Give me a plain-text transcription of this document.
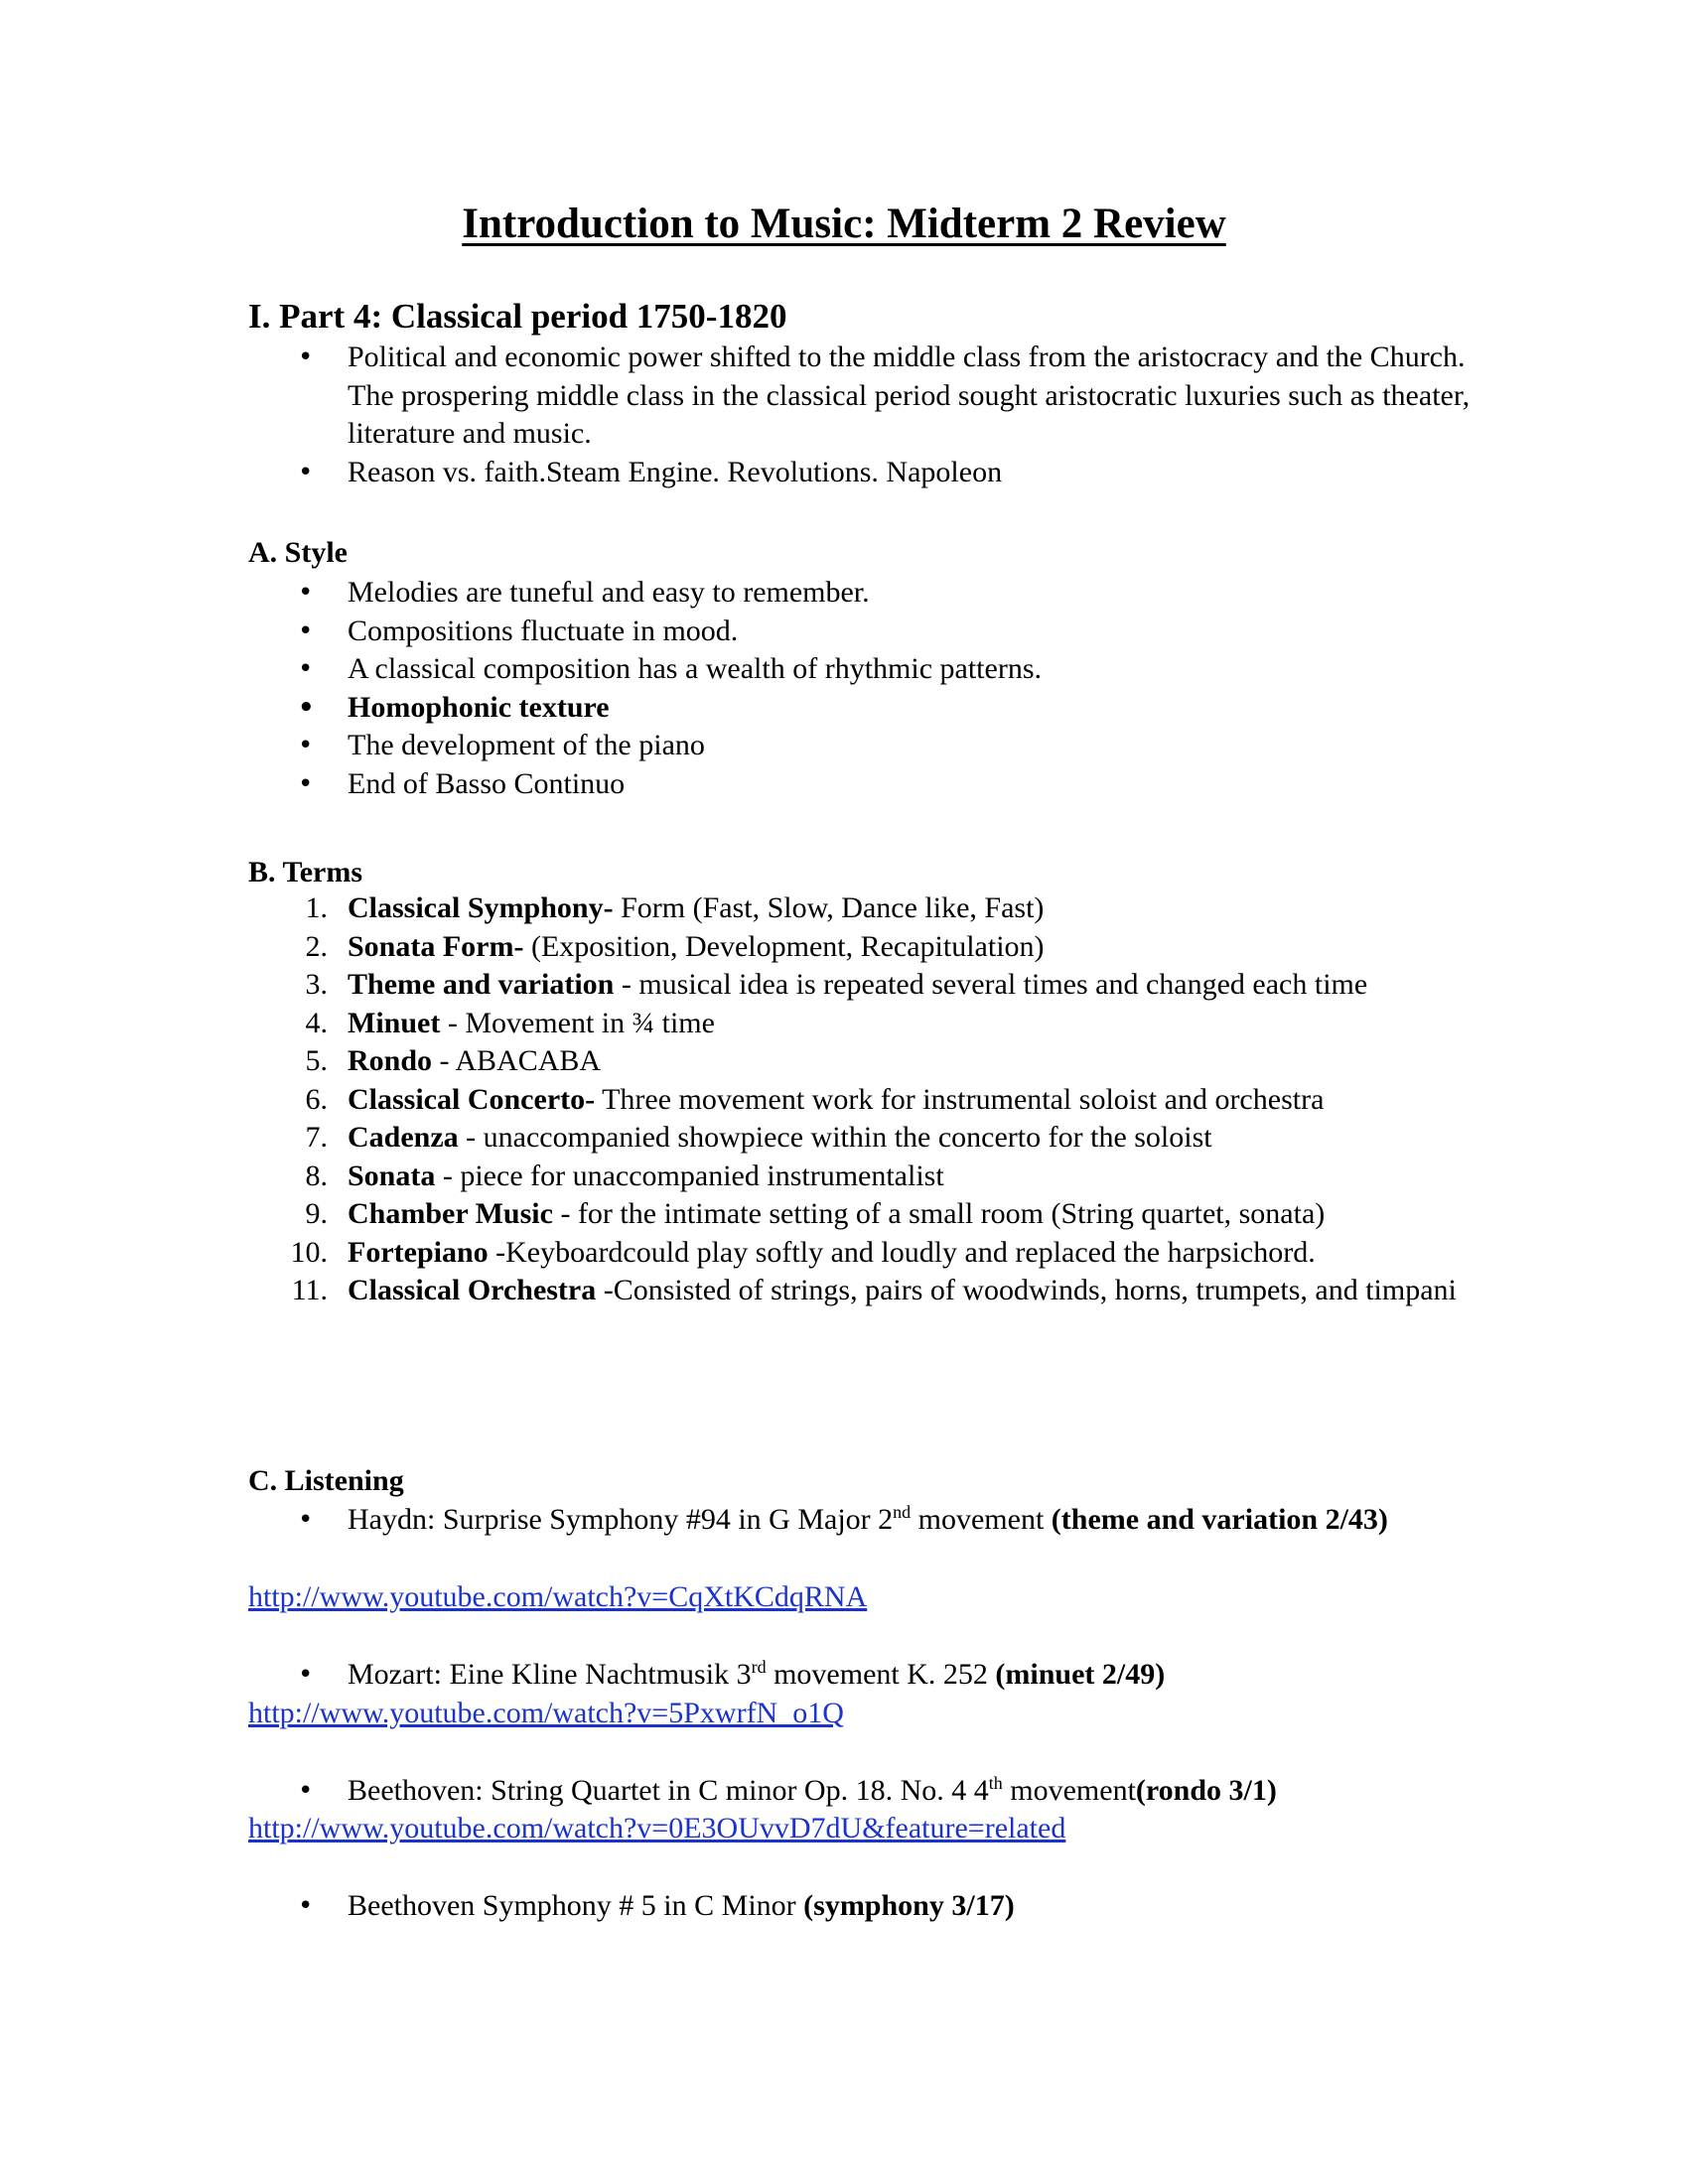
Introduction to Music: Midterm 2 Review
I. Part 4: Classical period 1750-1820
• Political and economic power shifted to the middle class from the aristocracy and the Church. The prospering middle class in the classical period sought aristocratic luxuries such as theater, literature and music.
• Reason vs. faith.Steam Engine. Revolutions. Napoleon
A. Style
• Melodies are tuneful and easy to remember.
• Compositions fluctuate in mood.
• A classical composition has a wealth of rhythmic patterns.
• Homophonic texture
• The development of the piano
• End of Basso Continuo
B. Terms
1. Classical Symphony- Form (Fast, Slow, Dance like, Fast)
2. Sonata Form- (Exposition, Development, Recapitulation)
3. Theme and variation - musical idea is repeated several times and changed each time
4. Minuet - Movement in ¾ time
5. Rondo - ABACABA
6. Classical Concerto- Three movement work for instrumental soloist and orchestra
7. Cadenza - unaccompanied showpiece within the concerto for the soloist
8. Sonata - piece for unaccompanied instrumentalist
9. Chamber Music - for the intimate setting of a small room (String quartet, sonata)
10. Fortepiano -Keyboardcould play softly and loudly and replaced the harpsichord.
11. Classical Orchestra -Consisted of strings, pairs of woodwinds, horns, trumpets, and timpani
C. Listening
• Haydn: Surprise Symphony #94 in G Major 2nd movement (theme and variation 2/43)
http://www.youtube.com/watch?v=CqXtKCdqRNA
• Mozart: Eine Kline Nachtmusik 3rd movement K. 252 (minuet 2/49)
http://www.youtube.com/watch?v=5PxwrfN_o1Q
• Beethoven: String Quartet in C minor Op. 18. No. 4 4th movement(rondo 3/1)
http://www.youtube.com/watch?v=0E3OUvvD7dU&feature=related
• Beethoven Symphony # 5 in C Minor (symphony 3/17)
